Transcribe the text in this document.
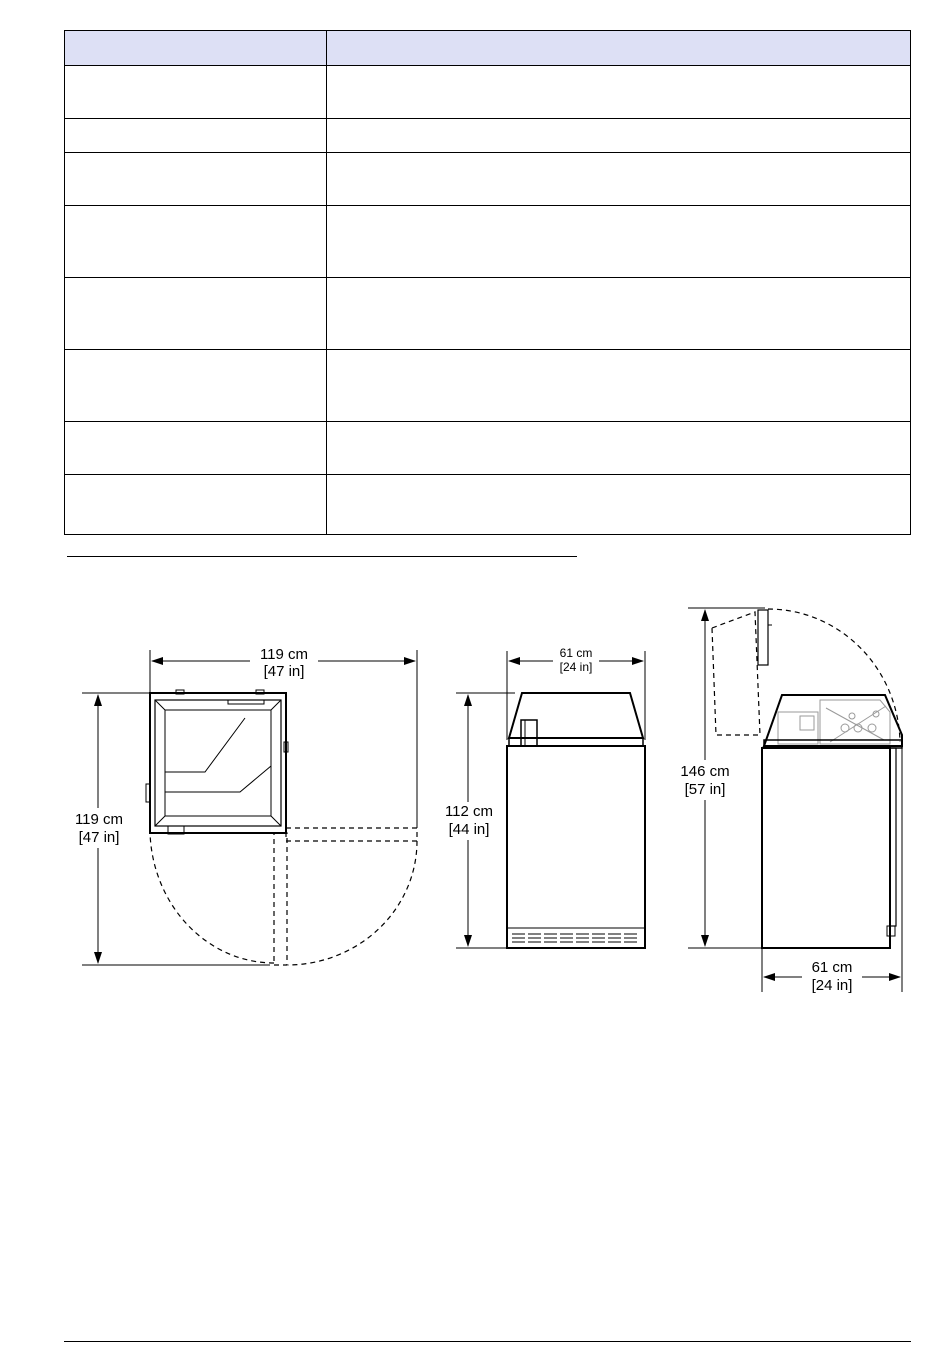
119 cm
[47 in]
119 cm
[47 in]
61 cm
[24 in]
112 cm
[44 in]
146 cm
[57 in]
61 cm
[24 in]
